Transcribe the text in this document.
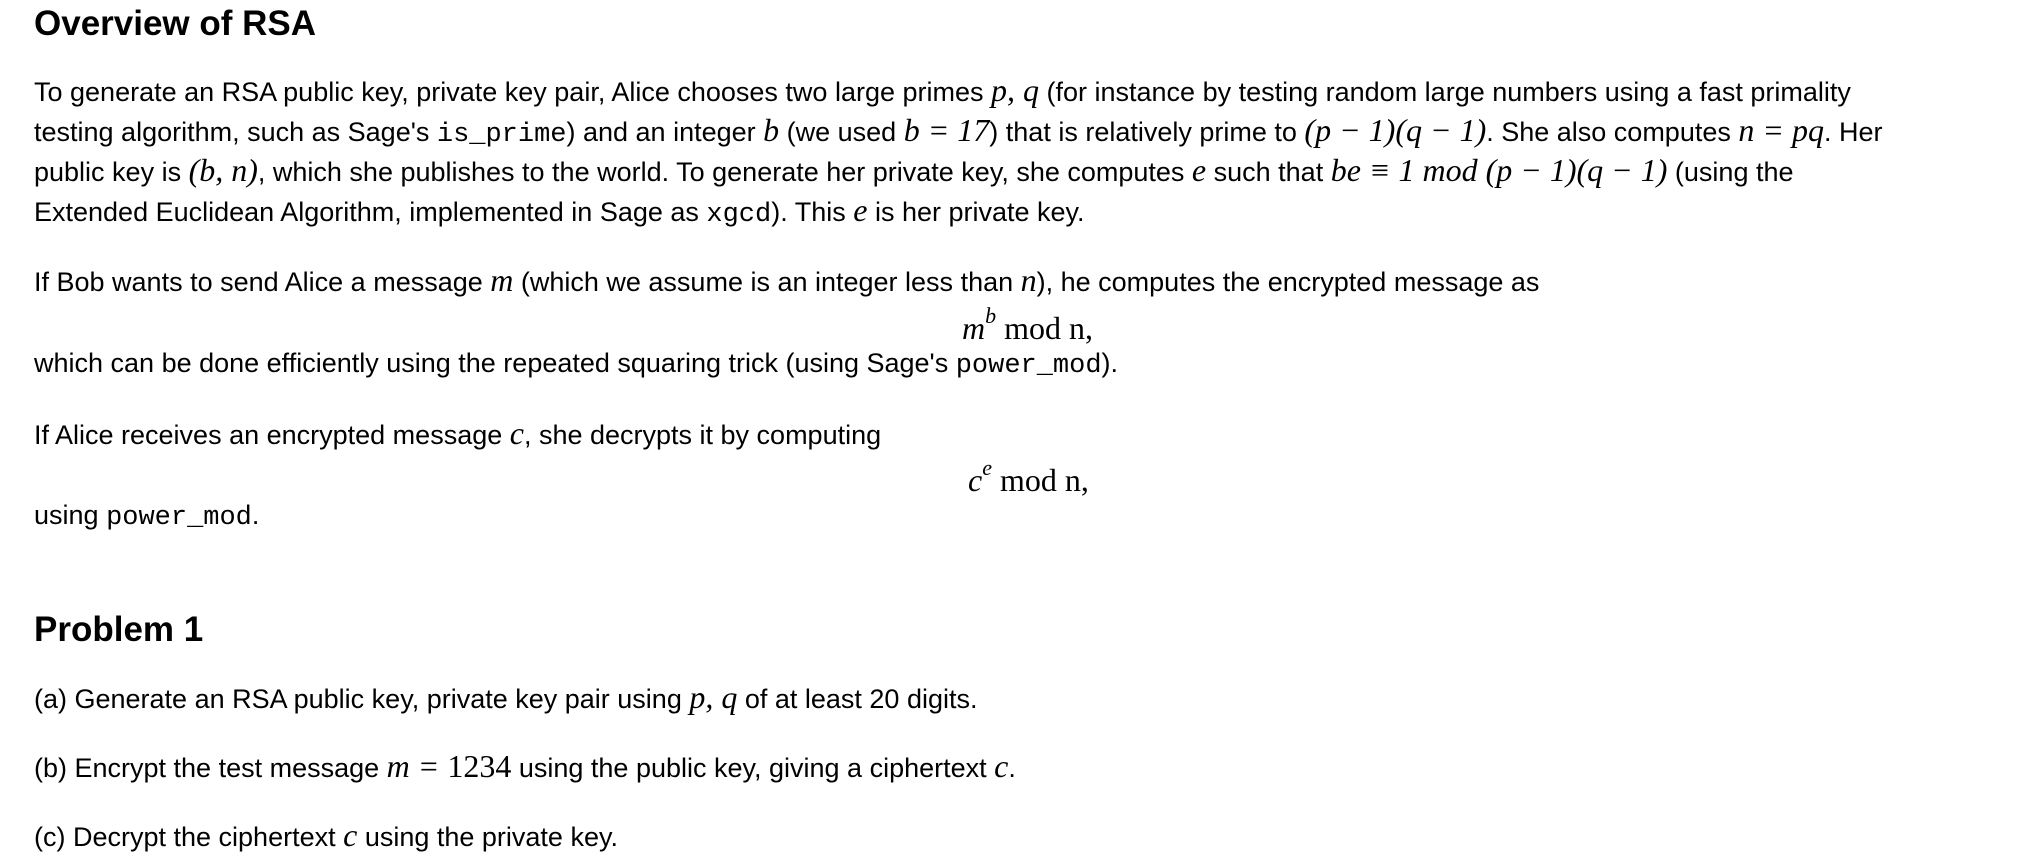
Overview of RSA
To generate an RSA public key, private key pair, Alice chooses two large primes p, q (for instance by testing random large numbers using a fast primality
testing algorithm, such as Sage's is_prime) and an integer b (we used b = 17) that is relatively prime to (p − 1)(q − 1). She also computes n = pq. Her
public key is (b, n), which she publishes to the world. To generate her private key, she computes e such that be ≡ 1 mod (p − 1)(q − 1) (using the
Extended Euclidean Algorithm, implemented in Sage as xgcd). This e is her private key.
If Bob wants to send Alice a message m (which we assume is an integer less than n), he computes the encrypted message as
$m^b$ mod n,
which can be done efficiently using the repeated squaring trick (using Sage's power_mod).
If Alice receives an encrypted message c, she decrypts it by computing
$c^e$ mod n,
using power_mod.
Problem 1
(a) Generate an RSA public key, private key pair using p, q of at least 20 digits.
(b) Encrypt the test message m = 1234 using the public key, giving a ciphertext c.
(c) Decrypt the ciphertext c using the private key.
